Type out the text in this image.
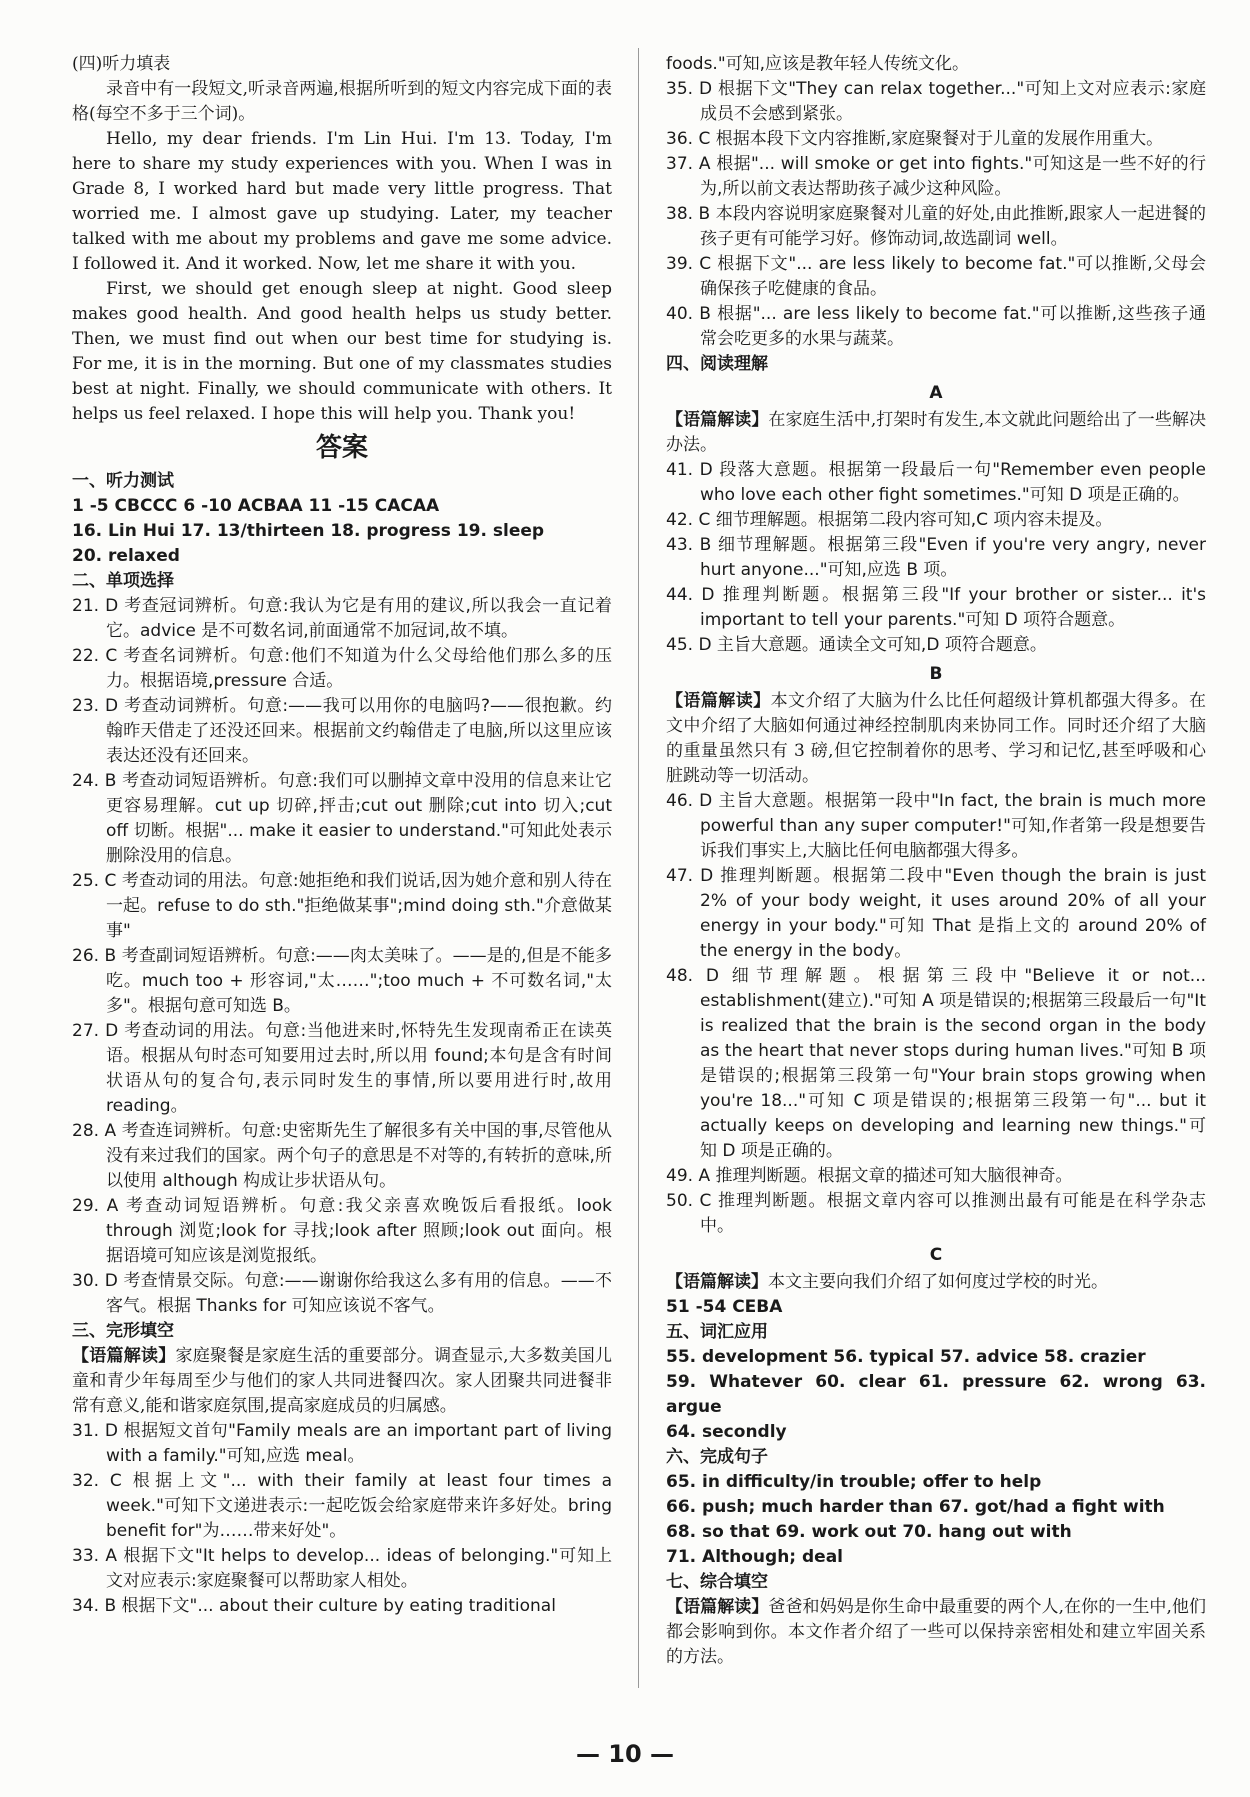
(四)听力填表

录音中有一段短文,听录音两遍,根据所听到的短文内容完成下面的表格(每空不多于三个词)。

Hello, my dear friends. I'm Lin Hui. I'm 13. Today, I'm here to share my study experiences with you. When I was in Grade 8, I worked hard but made very little progress. That worried me. I almost gave up studying. Later, my teacher talked with me about my problems and gave me some advice. I followed it. And it worked. Now, let me share it with you.

First, we should get enough sleep at night. Good sleep makes good health. And good health helps us study better. Then, we must find out when our best time for studying is. For me, it is in the morning. But one of my classmates studies best at night. Finally, we should communicate with others. It helps us feel relaxed. I hope this will help you. Thank you!

答案

一、听力测试

1 -5 CBCCC 6 -10 ACBAA 11 -15 CACAA

16. Lin Hui 17. 13/thirteen 18. progress 19. sleep

20. relaxed

二、单项选择

21. D 考查冠词辨析。句意:我认为它是有用的建议,所以我会一直记着它。advice 是不可数名词,前面通常不加冠词,故不填。

22. C 考查名词辨析。句意:他们不知道为什么父母给他们那么多的压力。根据语境,pressure 合适。

23. D 考查动词辨析。句意:——我可以用你的电脑吗?——很抱歉。约翰昨天借走了还没还回来。根据前文约翰借走了电脑,所以这里应该表达还没有还回来。

24. B 考查动词短语辨析。句意:我们可以删掉文章中没用的信息来让它更容易理解。cut up 切碎,抨击;cut out 删除;cut into 切入;cut off 切断。根据"... make it easier to understand."可知此处表示删除没用的信息。

25. C 考查动词的用法。句意:她拒绝和我们说话,因为她介意和别人待在一起。refuse to do sth."拒绝做某事";mind doing sth."介意做某事"

26. B 考查副词短语辨析。句意:——肉太美味了。——是的,但是不能多吃。much too + 形容词,"太……";too much + 不可数名词,"太多"。根据句意可知选 B。

27. D 考查动词的用法。句意:当他进来时,怀特先生发现南希正在读英语。根据从句时态可知要用过去时,所以用 found;本句是含有时间状语从句的复合句,表示同时发生的事情,所以要用进行时,故用 reading。

28. A 考查连词辨析。句意:史密斯先生了解很多有关中国的事,尽管他从没有来过我们的国家。两个句子的意思是不对等的,有转折的意味,所以使用 although 构成让步状语从句。

29. A 考查动词短语辨析。句意:我父亲喜欢晚饭后看报纸。look through 浏览;look for 寻找;look after 照顾;look out 面向。根据语境可知应该是浏览报纸。

30. D 考查情景交际。句意:——谢谢你给我这么多有用的信息。——不客气。根据 Thanks for 可知应该说不客气。

三、完形填空

【语篇解读】家庭聚餐是家庭生活的重要部分。调查显示,大多数美国儿童和青少年每周至少与他们的家人共同进餐四次。家人团聚共同进餐非常有意义,能和谐家庭氛围,提高家庭成员的归属感。

31. D 根据短文首句"Family meals are an important part of living with a family."可知,应选 meal。

32. C 根据上文"... with their family at least four times a week."可知下文递进表示:一起吃饭会给家庭带来许多好处。bring benefit for"为……带来好处"。

33. A 根据下文"It helps to develop... ideas of belonging."可知上文对应表示:家庭聚餐可以帮助家人相处。

34. B 根据下文"... about their culture by eating traditional

foods."可知,应该是教年轻人传统文化。

35. D 根据下文"They can relax together..."可知上文对应表示:家庭成员不会感到紧张。

36. C 根据本段下文内容推断,家庭聚餐对于儿童的发展作用重大。

37. A 根据"... will smoke or get into fights."可知这是一些不好的行为,所以前文表达帮助孩子减少这种风险。

38. B 本段内容说明家庭聚餐对儿童的好处,由此推断,跟家人一起进餐的孩子更有可能学习好。修饰动词,故选副词 well。

39. C 根据下文"... are less likely to become fat."可以推断,父母会确保孩子吃健康的食品。

40. B 根据"... are less likely to become fat."可以推断,这些孩子通常会吃更多的水果与蔬菜。

四、阅读理解

A

【语篇解读】在家庭生活中,打架时有发生,本文就此问题给出了一些解决办法。

41. D 段落大意题。根据第一段最后一句"Remember even people who love each other fight sometimes."可知 D 项是正确的。

42. C 细节理解题。根据第二段内容可知,C 项内容未提及。

43. B 细节理解题。根据第三段"Even if you're very angry, never hurt anyone..."可知,应选 B 项。

44. D 推理判断题。根据第三段"If your brother or sister... it's important to tell your parents."可知 D 项符合题意。

45. D 主旨大意题。通读全文可知,D 项符合题意。

B

【语篇解读】本文介绍了大脑为什么比任何超级计算机都强大得多。在文中介绍了大脑如何通过神经控制肌肉来协同工作。同时还介绍了大脑的重量虽然只有 3 磅,但它控制着你的思考、学习和记忆,甚至呼吸和心脏跳动等一切活动。

46. D 主旨大意题。根据第一段中"In fact, the brain is much more powerful than any super computer!"可知,作者第一段是想要告诉我们事实上,大脑比任何电脑都强大得多。

47. D 推理判断题。根据第二段中"Even though the brain is just 2% of your body weight, it uses around 20% of all your energy in your body."可知 That 是指上文的 around 20% of the energy in the body。

48. D 细节理解题。根据第三段中"Believe it or not... establishment(建立)."可知 A 项是错误的;根据第三段最后一句"It is realized that the brain is the second organ in the body as the heart that never stops during human lives."可知 B 项是错误的;根据第三段第一句"Your brain stops growing when you're 18..."可知 C 项是错误的;根据第三段第一句"... but it actually keeps on developing and learning new things."可知 D 项是正确的。

49. A 推理判断题。根据文章的描述可知大脑很神奇。

50. C 推理判断题。根据文章内容可以推测出最有可能是在科学杂志中。

C

【语篇解读】本文主要向我们介绍了如何度过学校的时光。

51 -54 CEBA

五、词汇应用

55. development 56. typical 57. advice 58. crazier

59. Whatever 60. clear 61. pressure 62. wrong 63. argue

64. secondly

六、完成句子

65. in difficulty/in trouble; offer to help

66. push; much harder than 67. got/had a fight with

68. so that 69. work out 70. hang out with

71. Although; deal

七、综合填空

【语篇解读】爸爸和妈妈是你生命中最重要的两个人,在你的一生中,他们都会影响到你。本文作者介绍了一些可以保持亲密相处和建立牢固关系的方法。

— 10 —
